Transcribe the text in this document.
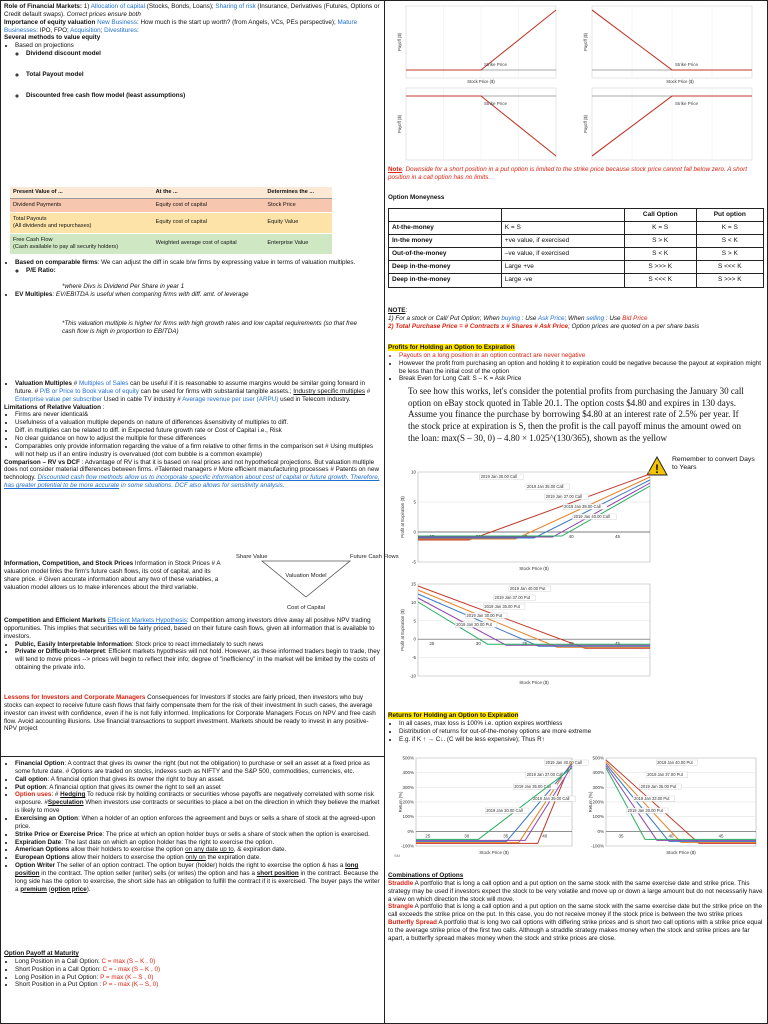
Role of Financial Markets: 1) Allocation of capital (Stocks, Bonds, Loans); Sharing of risk (Insurance, Derivatives (Futures, Options or Credit default swaps). Correct prices ensure both
Importance of equity valuation New Business: How much is the start up worth? (from Angels, VCs, PEs perspective); Mature Businesses: IPO, FPO; Acquisition; Divestitures:
Several methods to value equity
• Based on projections
◦ Dividend discount model
◦ Total Payout model
◦ Discounted free cash flow model (least assumptions)
Present Value of ...	At the ...	Determines the ...
Dividend Payments	Equity cost of capital	Stock Price
Total Payouts
(All dividends and repurchases)	Equity cost of capital	Equity Value
Free Cash Flow
(Cash available to pay all security holders)	Weighted average cost of capital	Enterprise Value
• Based on comparable firms: We can adjust the diff in scale b/w firms by expressing value in terms of valuation multiples.
◦ P/E Ratio:
*where Divs is Dividend Per Share in year 1
• EV Multiples: EV/EBITDA is useful when comparing firms with diff. amt. of leverage
*This valuation multiple is higher for firms with high growth rates and low capital requirements (so that free cash flow is high in proportion to EBITDA)
• Valuation Multiples # Multiples of Sales can be useful if it is reasonable to assume margins would be similar going forward in future. # P/B or Price to Book value of equity can be used for firms with substantial tangible assets.; Industry specific multiples # Enterprise value per subscriber Used in cable TV industry # Average revenue per user (ARPU) used in Telecom industry.
Limitations of Relative Valuation :
• Firms are never identical&
• Usefulness of a valuation multiple depends on nature of differences &sensitivity of multiples to diff.
• Diff. in multiples can be related to diff. in Expected future growth rate or Cost of Capital i.e., Risk
• No clear guidance on how to adjust the multiple for these differences
• Comparables only provide information regarding the value of a firm relative to other firms in the comparison set # Using multiples will not help us if an entire industry is overvalued (dot com bubble is a common example)
Comparison – RV vs DCF : Advantage of RV is that it is based on real prices and not hypothetical projections. But valuation multiple does not consider material differences between firms. #Talented managers # More efficient manufacturing processes # Patents on new technology. Discounted cash flow methods allow us to incorporate specific information about cost of capital or future growth. Therefore, has greater potential to be more accurate in some situations. DCF also allows for sensitivity analysis.
Information, Competition, and Stock Prices Information in Stock Prices # A valuation model links the firm's future cash flows, its cost of capital, and its share price. # Given accurate information about any two of these variables, a valuation model allows us to make inferences about the third variable.
Share Value	Future Cash Flows
Valuation Model
Cost of Capital
Competition and Efficient Markets Efficient Markets Hypothesis: Competition among investors drive away all positive NPV trading opportunities. This implies that securities will be fairly priced, based on their future cash flows, given all information that is available to investors.
• Public, Easily Interpretable Information: Stock price to react immediately to such news
• Private or Difficult-to-Interpret: Efficient markets hypothesis will not hold. However, as these informed traders begin to trade, they will tend to move prices --> prices will begin to reflect their info; degree of "inefficiency" in the market will be limited by the costs of obtaining the private info.
Lessons for Investors and Corporate Managers Consequences for Investors If stocks are fairly priced, then investors who buy stocks can expect to receive future cash flows that fairly compensate them for the risk of their investment In such cases, the average investor can invest with confidence, even if he is not fully informed. Implications for Corporate Managers Focus on NPV and free cash flow. Avoid accounting illusions. Use financial transactions to support investment. Markets should be ready to invest in any positive-NPV project
• Financial Option: A contract that gives its owner the right (but not the obligation) to purchase or sell an asset at a fixed price as some future date. # Options are traded on stocks, indexes such as NIFTY and the S&P 500, commodities, currencies, etc.
• Call option: A financial option that gives its owner the right to buy an asset.
• Put option: A financial option that gives its owner the right to sell an asset
• Option uses: # Hedging To reduce risk by holding contracts or securities whose payoffs are negatively correlated with some risk exposure. #Speculation When investors use contracts or securities to place a bet on the direction in which they believe the market is likely to move
• Exercising an Option: When a holder of an option enforces the agreement and buys or sells a share of stock at the agreed-upon price.
• Strike Price or Exercise Price: The price at which an option holder buys or sells a share of stock when the option is exercised.
• Expiration Date: The last date on which an option holder has the right to exercise the option.
• American Options allow their holders to exercise the option on any date up to, & expiration date.
• European Options allow their holders to exercise the option only on the expiration date.
• Option Writer The seller of an option contract. The option buyer (holder) holds the right to exercise the option & has a long position in the contract. The option seller (writer) sells (or writes) the option and has a short position in the contract. Because the long side has the option to exercise, the short side has an obligation to fulfill the contract if it is exercised. The buyer pays the writer a premium (option price).
Option Payoff at Maturity
• Long Position in a Call Option: C = max (S – K , 0)
• Short Position in a Call Option: C = - max (S – K , 0)
• Long Position in a Put Option: P = max (K – S , 0)
• Short Position in a Put Option : P = - max (K – S, 0)
Strike Price
Payoff ($)
Stock Price ($)
Strike Price
Payoff ($)
Stock Price ($)
Strike Price
Payoff ($)
Strike Price
Payoff ($)
Note: Downside for a short position in a put option is limited to the strike price because stock price cannot fall below zero. A short position in a call option has no limits.
Option Moneyness
		Call Option	Put option
At-the-money	K = S	K = S	K = S
In-the money	+ve value, if exercised	S > K	S < K
Out-of-the-money	–ve value, if exercised	S < K	S > K
Deep in-the-money	Large +ve	S >>> K	S <<< K
Deep in-the-money	Large -ve	S <<< K	S >>> K
NOTE:
1) For a stock or Call/ Put Option; When buying : Use Ask Price; When selling : Use Bid Price
2) Total Purchase Price = # Contracts x # Shares # Ask Price; Option prices are quoted on a per share basis
Profits for Holding an Option to Expiration
• Payouts on a long position in an option contract are never negative
• However the profit from purchasing an option and holding it to expiration could be negative because the payout at expiration might be less than the initial cost of the option
• Break Even for Long Call: S – K = Ask Price
To see how this works, let's consider the potential profits from purchasing the January 30 call option on eBay stock quoted in Table 20.1. The option costs $4.80 and expires in 130 days. Assume you finance the purchase by borrowing $4.80 at an interest rate of 2.5% per year. If the stock price at expiration is S, then the profit is the call payoff minus the amount owed on the loan: max(S – 30, 0) – 4.80 × 1.025^(130/365), shown as the yellow
!
Remember to convert Days to Years
10
5
0
-5
25	30	35	40	45
Profit at Expiration ($)
Stock Price ($)
2019 Jan 30.00 Call
2019 Jan 35.00 Call
2019 Jan 37.00 Call
2019 Jan 39.00 Call
2019 Jan 40.00 Call
15
10
5
0
-5
-10
25	30	35	40	45
Profit at Expiration ($)
Stock Price ($)
2019 Jan 40.00 Put
2019 Jan 37.00 Put
2019 Jan 35.00 Put
2019 Jan 30.00 Put
2019 Jan 30.00 Put
Returns for Holding an Option to Expiration
• In all cases, max loss is 100% i.e. option expires worthless
• Distribution of returns for out-of-the-money options are more extreme
• E.g. if K ↑ → C↓. (C will be less expensive); Thus R↑
500%
400%
300%
200%
100%
0%
-100%
25	30	35	40
Return (%)
Stock Price ($)
2019 Jan 40.00 Call
2019 Jan 37.00 Call
2019 Jan 35.00 Call
2019 Jan 39.00 Call
2019 Jan 30.00 Call
SM
500%
400%
300%
200%
100%
0%
-100%
35	40	45
Return (%)
Stock Price ($)
2019 Jan 40.00 Put
2019 Jan 37.00 Put
2019 Jan 35.00 Put
2019 Jan 33.00 Put
2019 Jan 30.00 Put
Combinations of Options
Straddle A portfolio that is long a call option and a put option on the same stock with the same exercise date and strike price. This strategy may be used if investors expect the stock to be very volatile and move up or down a large amount but do not necessarily have a view on which direction the stock will move.
Strangle A portfolio that is long a call option and a put option on the same stock with the same exercise date but the strike price on the call exceeds the strike price on the put. In this case, you do not receive money if the stock price is between the two strike prices
Butterfly Spread A portfolio that is long two call options with differing strike prices and is short two call options with a strike price equal to the average strike price of the first two calls. Although a straddle strategy makes money when the stock and strike prices are far apart, a butterfly spread makes money when the stock and strike prices are close.
